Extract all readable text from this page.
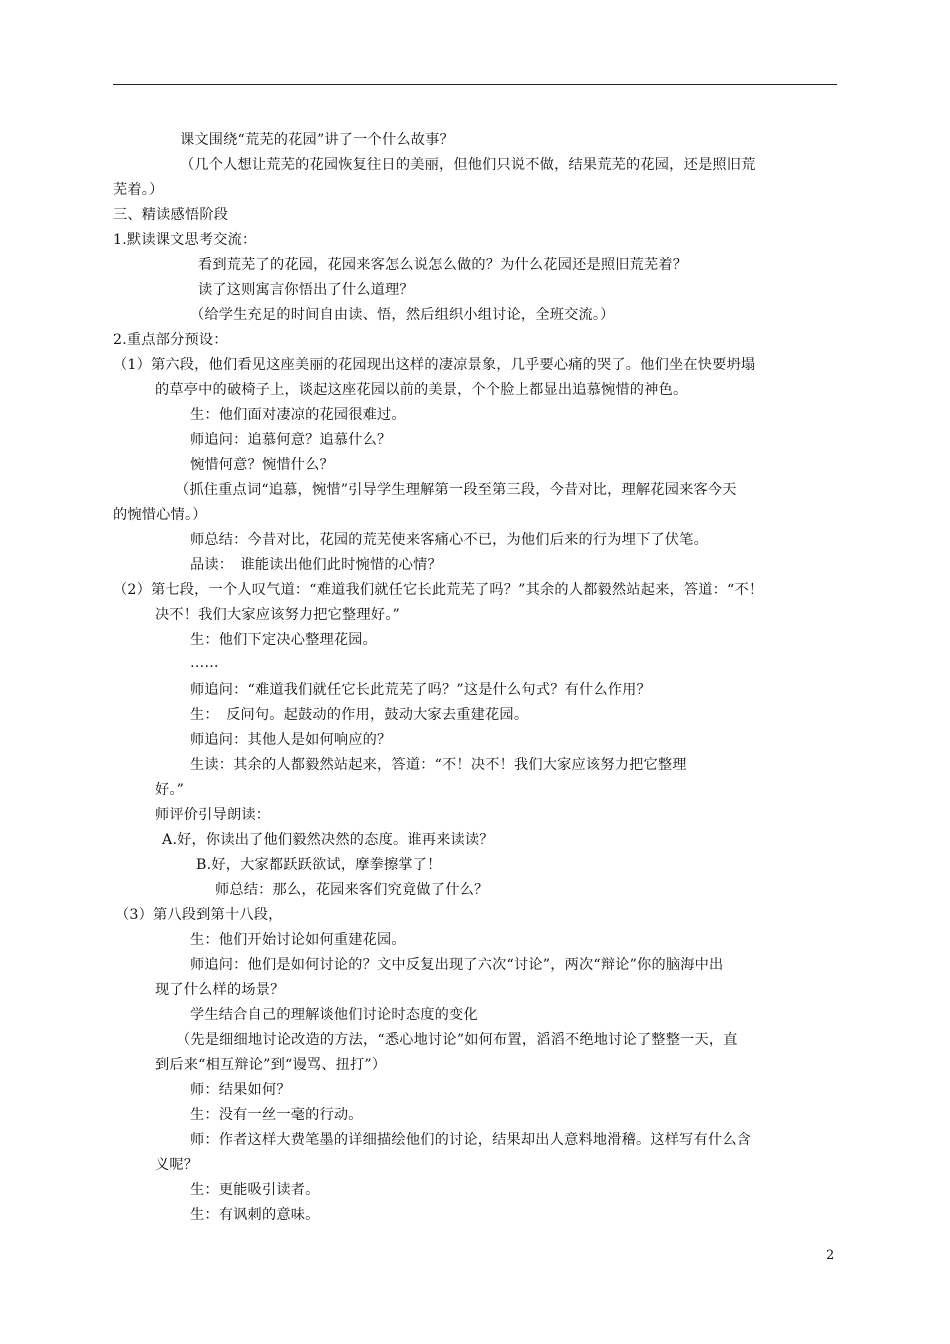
课文围绕“荒芜的花园”讲了一个什么故事？
（几个人想让荒芜的花园恢复往日的美丽，但他们只说不做，结果荒芜的花园，还是照旧荒
芜着。）
三、精读感悟阶段
1.默读课文思考交流：
看到荒芜了的花园，花园来客怎么说怎么做的？为什么花园还是照旧荒芜着？
读了这则寓言你悟出了什么道理？
（给学生充足的时间自由读、悟，然后组织小组讨论，全班交流。）
2.重点部分预设：
（1）第六段，他们看见这座美丽的花园现出这样的凄凉景象，几乎要心痛的哭了。他们坐在快要坍塌
的草亭中的破椅子上，谈起这座花园以前的美景，个个脸上都显出追慕惋惜的神色。
生：他们面对凄凉的花园很难过。
师追问：追慕何意？追慕什么？
惋惜何意？惋惜什么？
（抓住重点词“追慕，惋惜”引导学生理解第一段至第三段，今昔对比，理解花园来客今天
的惋惜心情。）
师总结：今昔对比，花园的荒芜使来客痛心不已，为他们后来的行为埋下了伏笔。
品读：　谁能读出他们此时惋惜的心情？
（2）第七段，一个人叹气道：“难道我们就任它长此荒芜了吗？”其余的人都毅然站起来，答道：“不！
决不！我们大家应该努力把它整理好。”
生：他们下定决心整理花园。
……
师追问：“难道我们就任它长此荒芜了吗？”这是什么句式？有什么作用？
生：　反问句。起鼓动的作用，鼓动大家去重建花园。
师追问：其他人是如何响应的？
生读：其余的人都毅然站起来，答道：“不！决不！我们大家应该努力把它整理
好。”
师评价引导朗读：
A.好，你读出了他们毅然决然的态度。谁再来读读？
B.好，大家都跃跃欲试，摩拳擦掌了！
师总结：那么，花园来客们究竟做了什么？
（3）第八段到第十八段，
生：他们开始讨论如何重建花园。
师追问：他们是如何讨论的？文中反复出现了六次“讨论”，两次“辩论”你的脑海中出
现了什么样的场景？
学生结合自己的理解谈他们讨论时态度的变化
（先是细细地讨论改造的方法，“悉心地讨论”如何布置，滔滔不绝地讨论了整整一天，直
到后来“相互辩论”到“谩骂、扭打”）
师：结果如何？
生：没有一丝一毫的行动。
师：作者这样大费笔墨的详细描绘他们的讨论，结果却出人意料地滑稽。这样写有什么含
义呢？
生：更能吸引读者。
生：有讽刺的意味。
2
